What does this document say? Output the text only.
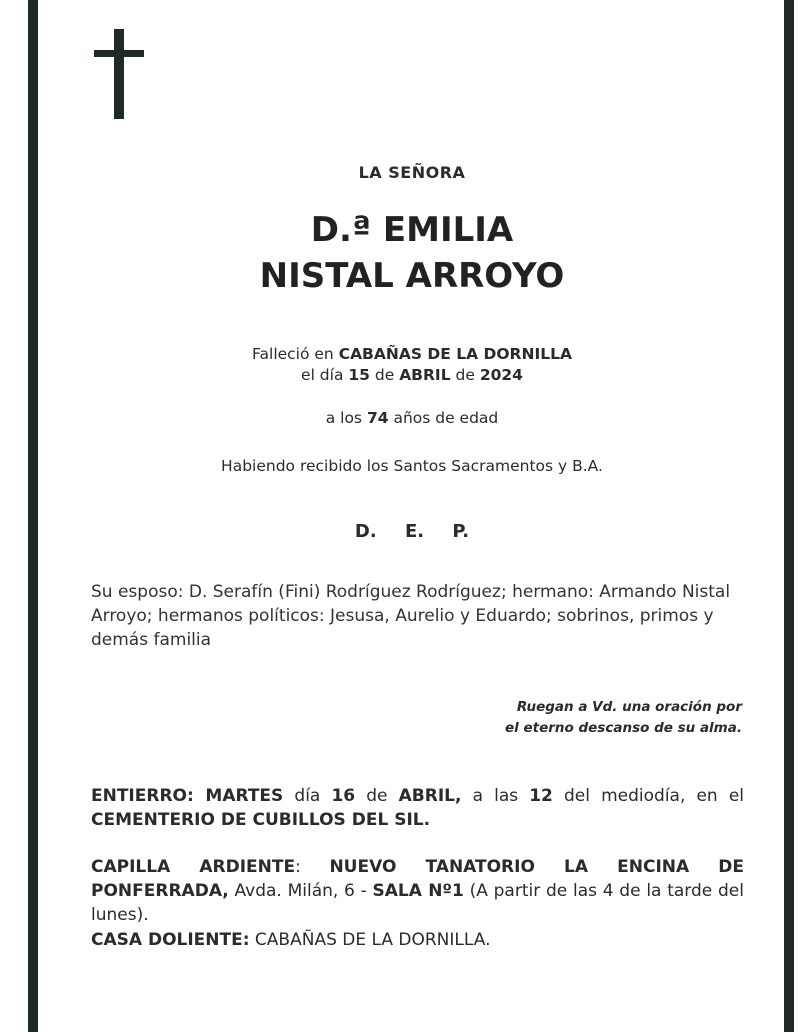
LA SEÑORA
D.ª EMILIA
NISTAL ARROYO
Falleció en CABAÑAS DE LA DORNILLA
el día 15 de ABRIL de 2024
a los 74 años de edad
Habiendo recibido los Santos Sacramentos y B.A.
D. E. P.
Su esposo: D. Serafín (Fini) Rodríguez Rodríguez; hermano: Armando Nistal Arroyo; hermanos políticos: Jesusa, Aurelio y Eduardo; sobrinos, primos y demás familia
Ruegan a Vd. una oración por
el eterno descanso de su alma.
ENTIERRO: MARTES día 16 de ABRIL, a las 12 del mediodía, en el CEMENTERIO DE CUBILLOS DEL SIL.
CAPILLA ARDIENTE: NUEVO TANATORIO LA ENCINA DE PONFERRADA, Avda. Milán, 6 - SALA Nº1 (A partir de las 4 de la tarde del lunes).
CASA DOLIENTE: CABAÑAS DE LA DORNILLA.
